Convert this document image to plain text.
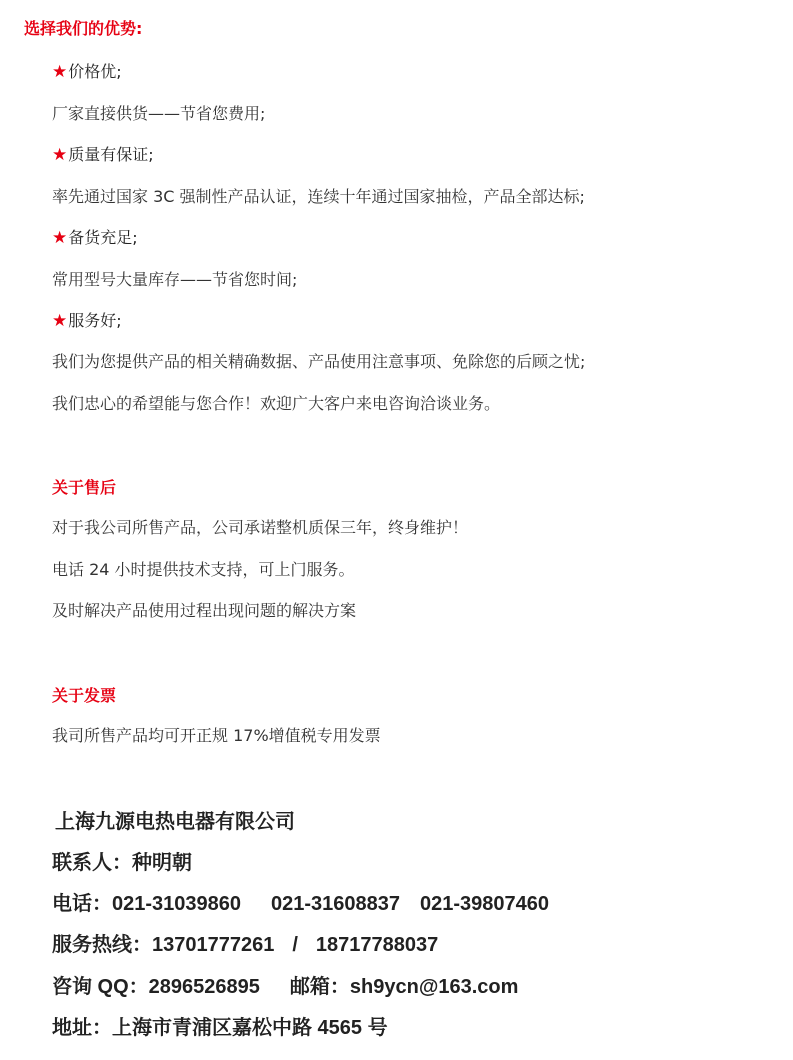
选择我们的优势:
★价格优;
厂家直接供货——节省您费用;
★质量有保证;
率先通过国家 3C 强制性产品认证，连续十年通过国家抽检，产品全部达标;
★备货充足;
常用型号大量库存——节省您时间;
★服务好;
我们为您提供产品的相关精确数据、产品使用注意事项、免除您的后顾之忧;
我们忠心的希望能与您合作！欢迎广大客户来电咨询洽谈业务。
关于售后
对于我公司所售产品，公司承诺整机质保三年，终身维护！
电话 24 小时提供技术支持，可上门服务。
及时解决产品使用过程出现问题的解决方案
关于发票
我司所售产品均可开正规 17%增值税专用发票
上海九源电热电器有限公司
联系人：种明朝
电话：021-31039860 021-31608837 021-39807460
服务热线：13701777261 / 18717788037
咨询 QQ：2896526895 邮箱：sh9ycn@163.com
地址：上海市青浦区嘉松中路 4565 号
